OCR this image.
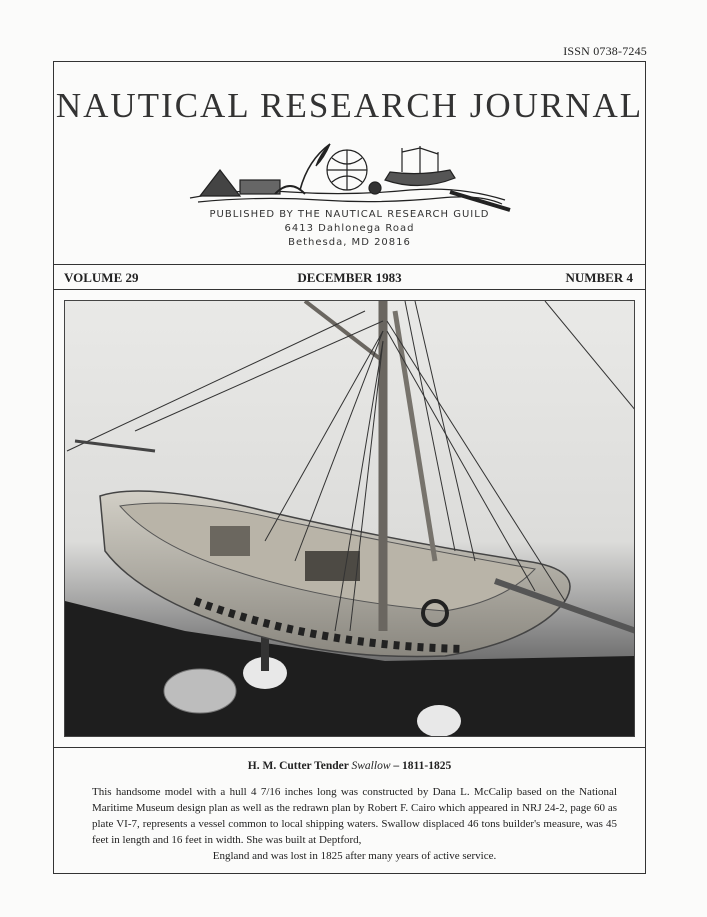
ISSN 0738-7245
NAUTICAL RESEARCH JOURNAL
PUBLISHED BY THE NAUTICAL RESEARCH GUILD
6413 Dahlonega Road
Bethesda, MD 20816
VOLUME 29	DECEMBER 1983	NUMBER 4
H. M. Cutter Tender Swallow – 1811-1825
This handsome model with a hull 4 7/16 inches long was constructed by Dana L. McCalip based on the National Maritime Museum design plan as well as the redrawn plan by Robert F. Cairo which appeared in NRJ 24-2, page 60 as plate VI-7, represents a vessel common to local shipping waters. Swallow displaced 46 tons builder's measure, was 45 feet in length and 16 feet in width. She was built at Deptford,
England and was lost in 1825 after many years of active service.
